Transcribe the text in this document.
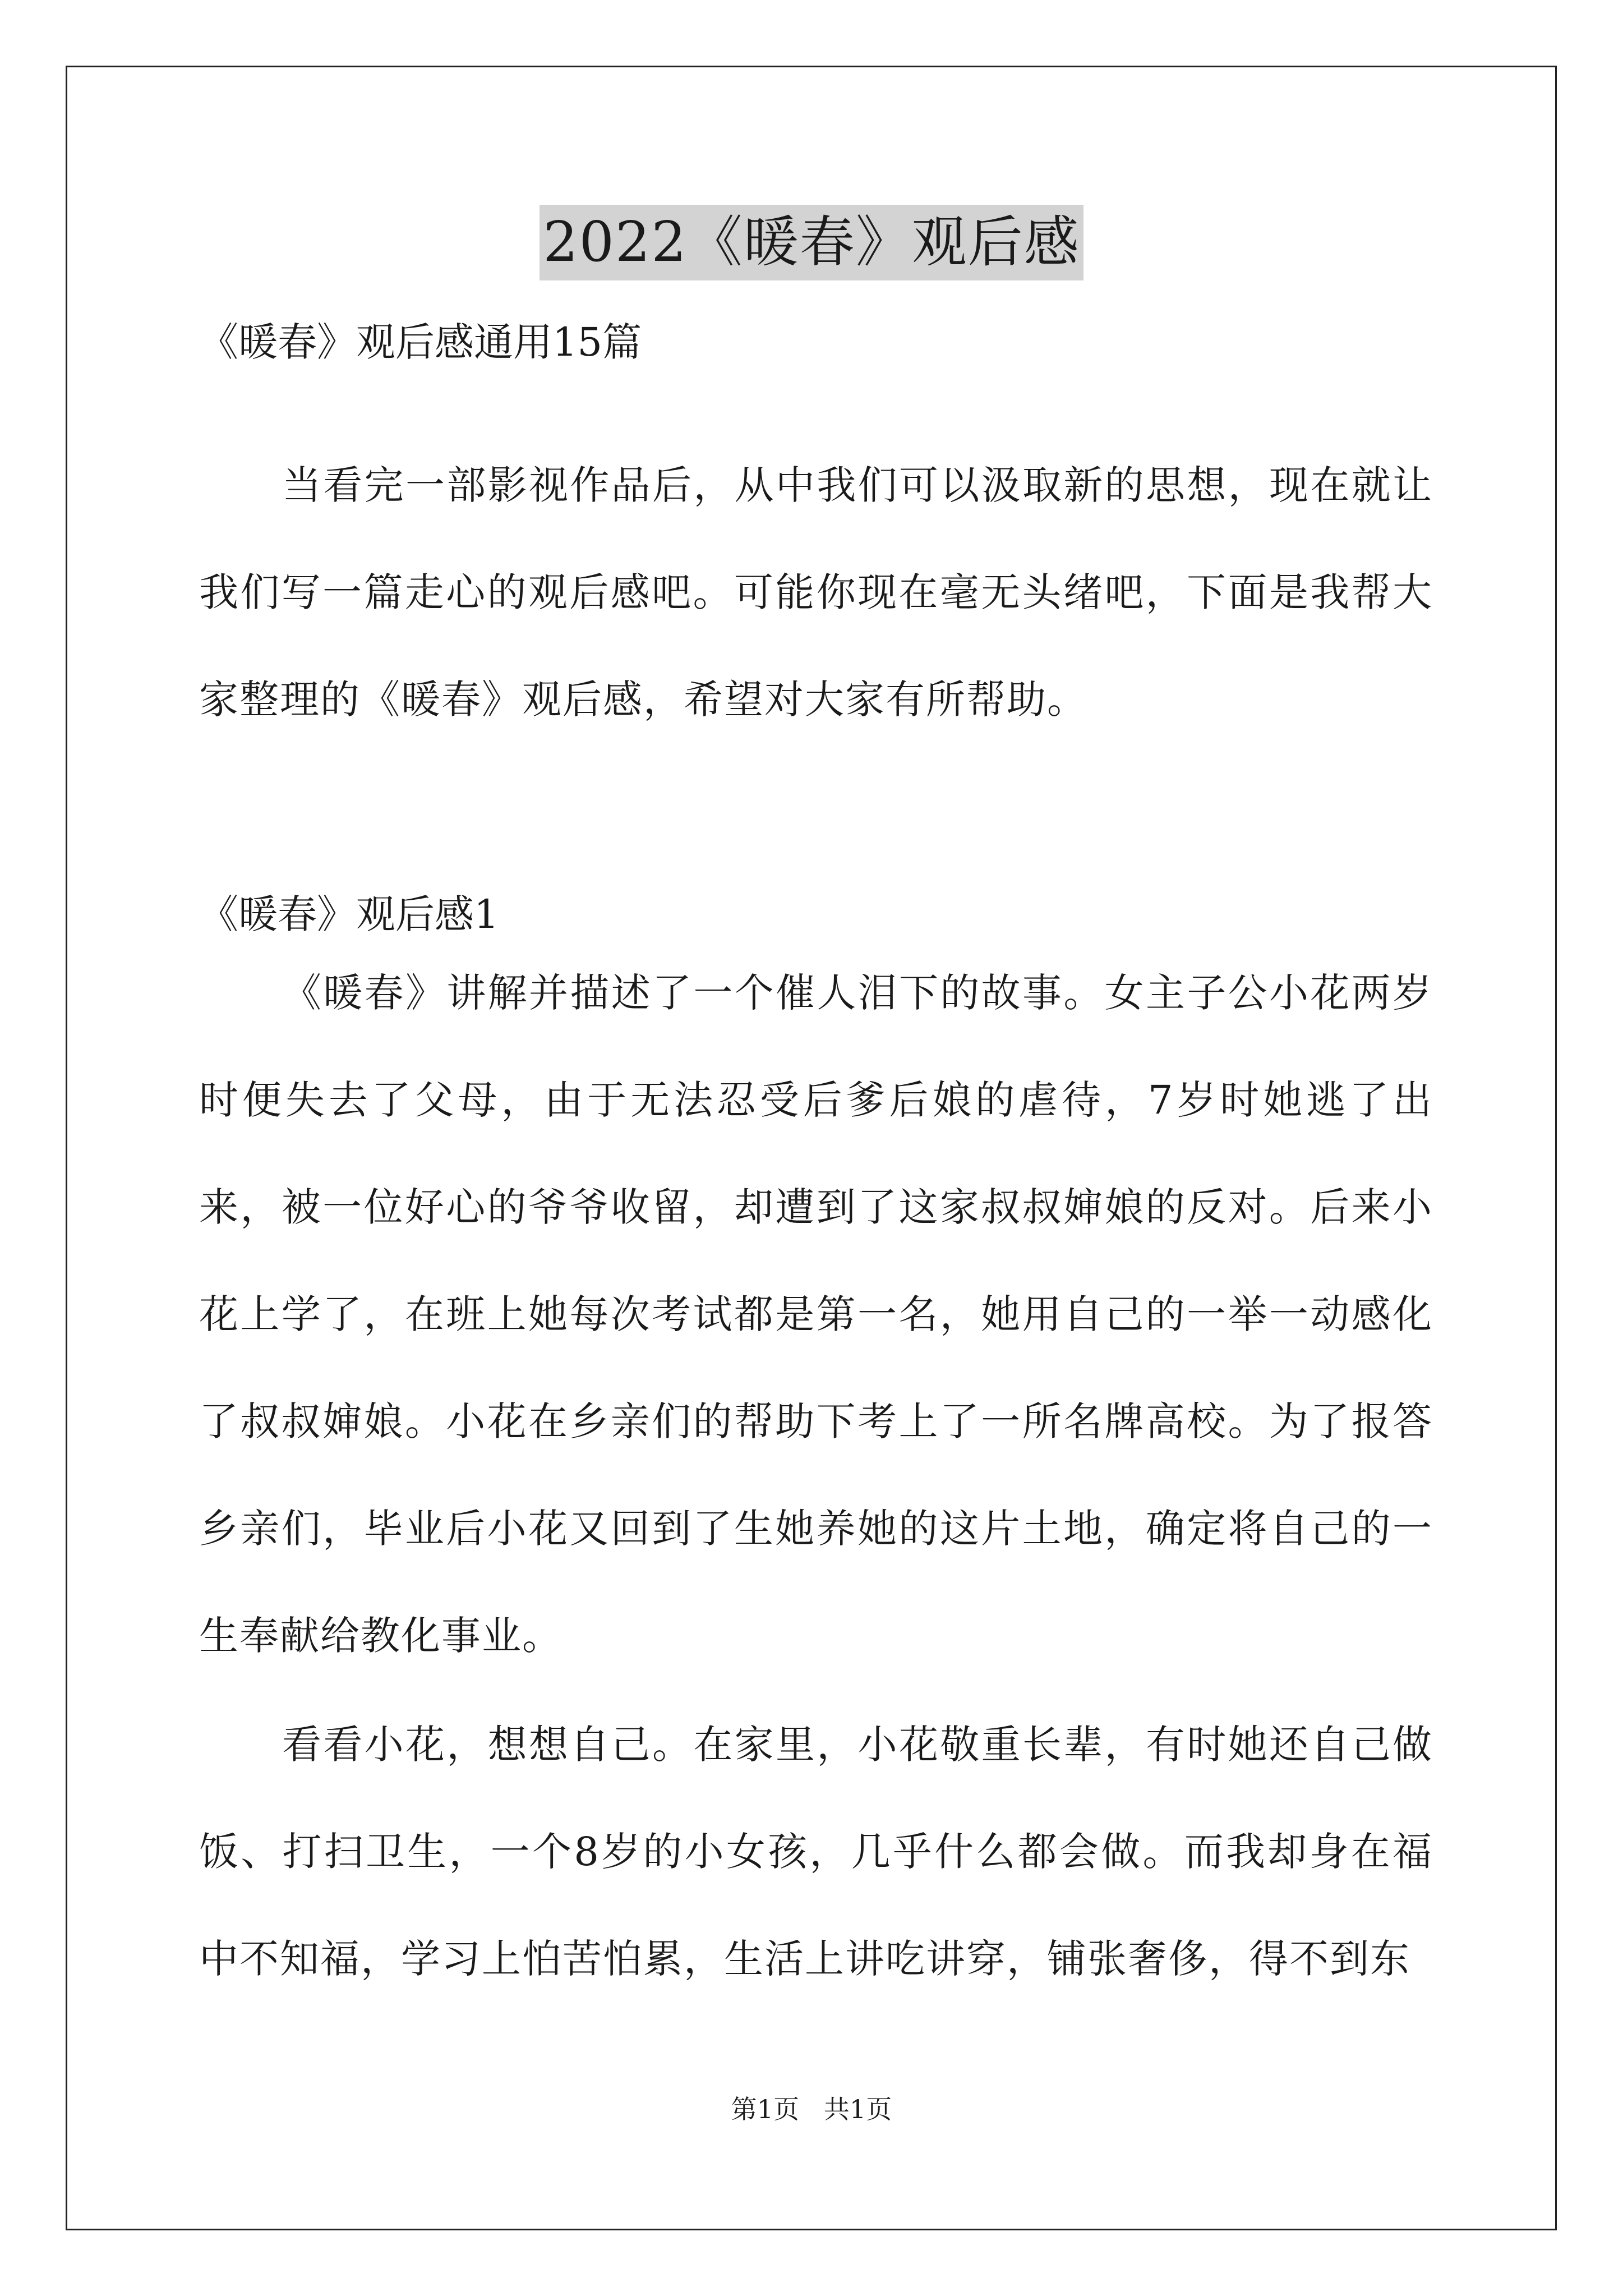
2022《暖春》观后感
《暖春》观后感通用15篇

当看完一部影视作品后，从中我们可以汲取新的思想，现在就让我们写一篇走心的观后感吧。可能你现在毫无头绪吧，下面是我帮大家整理的《暖春》观后感，希望对大家有所帮助。

《暖春》观后感1

《暖春》讲解并描述了一个催人泪下的故事。女主子公小花两岁时便失去了父母，由于无法忍受后爹后娘的虐待，7岁时她逃了出来，被一位好心的爷爷收留，却遭到了这家叔叔婶娘的反对。后来小花上学了，在班上她每次考试都是第一名，她用自己的一举一动感化了叔叔婶娘。小花在乡亲们的帮助下考上了一所名牌高校。为了报答乡亲们，毕业后小花又回到了生她养她的这片土地，确定将自己的一生奉献给教化事业。

看看小花，想想自己。在家里，小花敬重长辈，有时她还自己做饭、打扫卫生，一个8岁的小女孩，几乎什么都会做。而我却身在福中不知福，学习上怕苦怕累，生活上讲吃讲穿，铺张奢侈，得不到东

第1页   共1页
